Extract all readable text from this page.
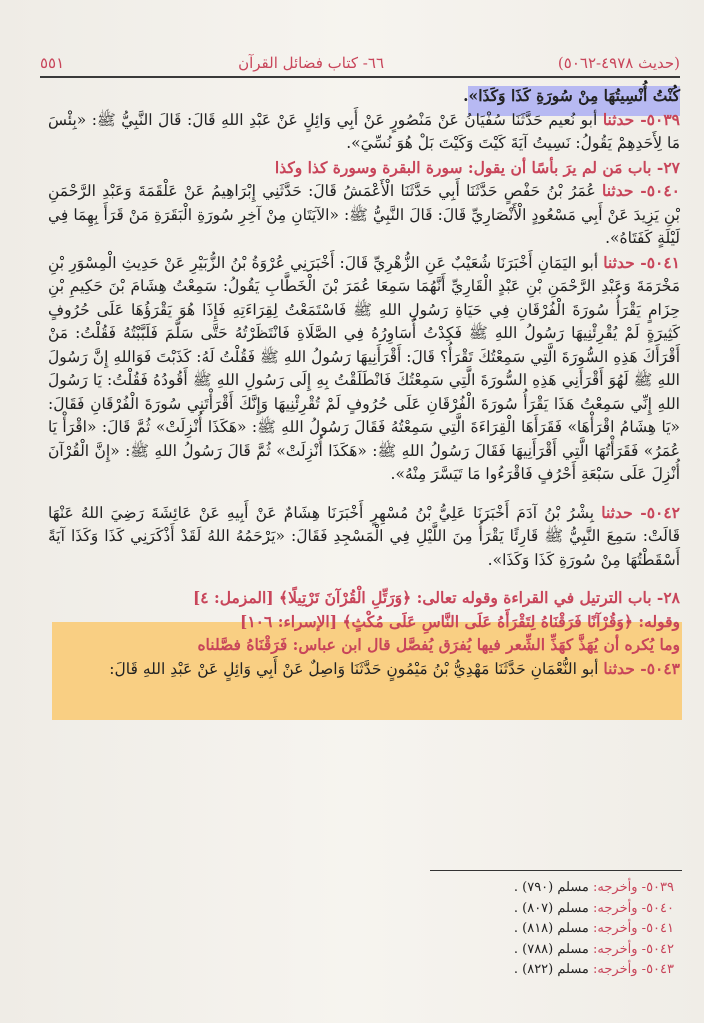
(حديث ٤٩٧٨-٥٠٦٢)
٦٦- كتاب فضائل القرآن
٥٥١

كُنْتُ أُنْسِيتُهَا مِنْ سُورَةِ كَذَا وَكَذَا».

٥٠٣٩- حدثنا أبو نُعيم حَدَّثَنَا سُفْيَانُ عَنْ مَنْصُورٍ عَنْ أَبِي وَائِلٍ عَنْ عَبْدِ اللهِ قَالَ: قَالَ النَّبِيُّ ﷺ: «بِئْسَ مَا لِأَحَدِهِمْ يَقُولُ: نَسِيتُ آيَةَ كَيْتَ وَكَيْتَ بَلْ هُوَ نُسِّيَ».

٢٧- باب مَن لم يرَ بأسًا أن يقول: سورة البقرة وسورة كذا وكذا

٥٠٤٠- حدثنا عُمَرُ بْنُ حَفْصٍ حَدَّثَنَا أَبِي حَدَّثَنَا الْأَعْمَشُ قَالَ: حَدَّثَنِي إِبْرَاهِيمُ عَنْ عَلْقَمَةَ وَعَبْدِ الرَّحْمَنِ بْنِ يَزِيدَ عَنْ أَبِي مَسْعُودٍ الْأَنْصَارِيِّ قَالَ: قَالَ النَّبِيُّ ﷺ: «الآيَتَانِ مِنْ آخِرِ سُورَةِ الْبَقَرَةِ مَنْ قَرَأَ بِهِمَا فِي لَيْلَةٍ كَفَتَاهُ».

٥٠٤١- حدثنا أبو اليَمَانِ أَخْبَرَنَا شُعَيْبٌ عَنِ الزُّهْرِيِّ قَالَ: أَخْبَرَنِي عُرْوَةُ بْنُ الزُّبَيْرِ عَنْ حَدِيثِ الْمِسْوَرِ بْنِ مَخْرَمَةَ وَعَبْدِ الرَّحْمَنِ بْنِ عَبْدٍ الْقَارِيِّ أَنَّهُمَا سَمِعَا عُمَرَ بْنَ الْخَطَّابِ يَقُولُ: سَمِعْتُ هِشَامَ بْنَ حَكِيمِ بْنِ حِزَامٍ يَقْرَأُ سُورَةَ الْفُرْقَانِ فِي حَيَاةِ رَسُولِ اللهِ ﷺ فَاسْتَمَعْتُ لِقِرَاءَتِهِ فَإِذَا هُوَ يَقْرَؤُهَا عَلَى حُرُوفٍ كَثِيرَةٍ لَمْ يُقْرِئْنِيهَا رَسُولُ اللهِ ﷺ فَكِدْتُ أُسَاوِرُهُ فِي الصَّلَاةِ فَانْتَظَرْتُهُ حَتَّى سَلَّمَ فَلَبَّبْتُهُ فَقُلْتُ: مَنْ أَقْرَأَكَ هَذِهِ السُّورَةَ الَّتِي سَمِعْتُكَ تَقْرَأُ؟ قَالَ: أَقْرَأَنِيهَا رَسُولُ اللهِ ﷺ فَقُلْتُ لَهُ: كَذَبْتَ فَوَاللهِ إِنَّ رَسُولَ اللهِ ﷺ لَهُوَ أَقْرَأَنِي هَذِهِ السُّورَةَ الَّتِي سَمِعْتُكَ فَانْطَلَقْتُ بِهِ إِلَى رَسُولِ اللهِ ﷺ أَقُودُهُ فَقُلْتُ: يَا رَسُولَ اللهِ إِنِّي سَمِعْتُ هَذَا يَقْرَأُ سُورَةَ الْفُرْقَانِ عَلَى حُرُوفٍ لَمْ تُقْرِئْنِيهَا وَإِنَّكَ أَقْرَأْتَنِي سُورَةَ الْفُرْقَانِ فَقَالَ: «يَا هِشَامُ اقْرَأْهَا» فَقَرَأَهَا الْقِرَاءَةَ الَّتِي سَمِعْتُهُ فَقَالَ رَسُولُ اللهِ ﷺ: «هَكَذَا أُنْزِلَتْ» ثُمَّ قَالَ: «اقْرَأْ يَا عُمَرُ» فَقَرَأْتُهَا الَّتِي أَقْرَأَنِيهَا فَقَالَ رَسُولُ اللهِ ﷺ: «هَكَذَا أُنْزِلَتْ» ثُمَّ قَالَ رَسُولُ اللهِ ﷺ: «إِنَّ الْقُرْآنَ أُنْزِلَ عَلَى سَبْعَةِ أَحْرُفٍ فَاقْرَءُوا مَا تَيَسَّرَ مِنْهُ».

٥٠٤٢- حدثنا بِشْرُ بْنُ آدَمَ أَخْبَرَنَا عَلِيُّ بْنُ مُسْهِرٍ أَخْبَرَنَا هِشَامٌ عَنْ أَبِيهِ عَنْ عَائِشَةَ رَضِيَ اللهُ عَنْهَا قَالَتْ: سَمِعَ النَّبِيُّ ﷺ قَارِئًا يَقْرَأُ مِنَ اللَّيْلِ فِي الْمَسْجِدِ فَقَالَ: «يَرْحَمُهُ اللهُ لَقَدْ أَذْكَرَنِي كَذَا وَكَذَا آيَةً أَسْقَطْتُهَا مِنْ سُورَةِ كَذَا وَكَذَا».

٢٨- باب الترتيل في القراءة وقوله تعالى: ﴿وَرَتِّلِ الْقُرْآنَ تَرْتِيلًا﴾ [المزمل: ٤]

وقوله: ﴿وَقُرْآنًا فَرَقْنَاهُ لِتَقْرَأَهُ عَلَى النَّاسِ عَلَى مُكْثٍ﴾ [الإسراء: ١٠٦]

وما يُكره أن يُهَذَّ كهَذِّ الشِّعر فيها يُفرَق يُفصَّل قال ابن عباس: فَرَقْنَاهُ فصَّلناه

٥٠٤٣- حدثنا أبو النُّعْمَانِ حَدَّثَنَا مَهْدِيُّ بْنُ مَيْمُونٍ حَدَّثَنَا وَاصِلٌ عَنْ أَبِي وَائِلٍ عَنْ عَبْدِ اللهِ قَالَ:

٥٠٣٩- وأخرجه: مسلم (٧٩٠) .
٥٠٤٠- وأخرجه: مسلم (٨٠٧) .
٥٠٤١- وأخرجه: مسلم (٨١٨) .
٥٠٤٢- وأخرجه: مسلم (٧٨٨) .
٥٠٤٣- وأخرجه: مسلم (٨٢٢) .
